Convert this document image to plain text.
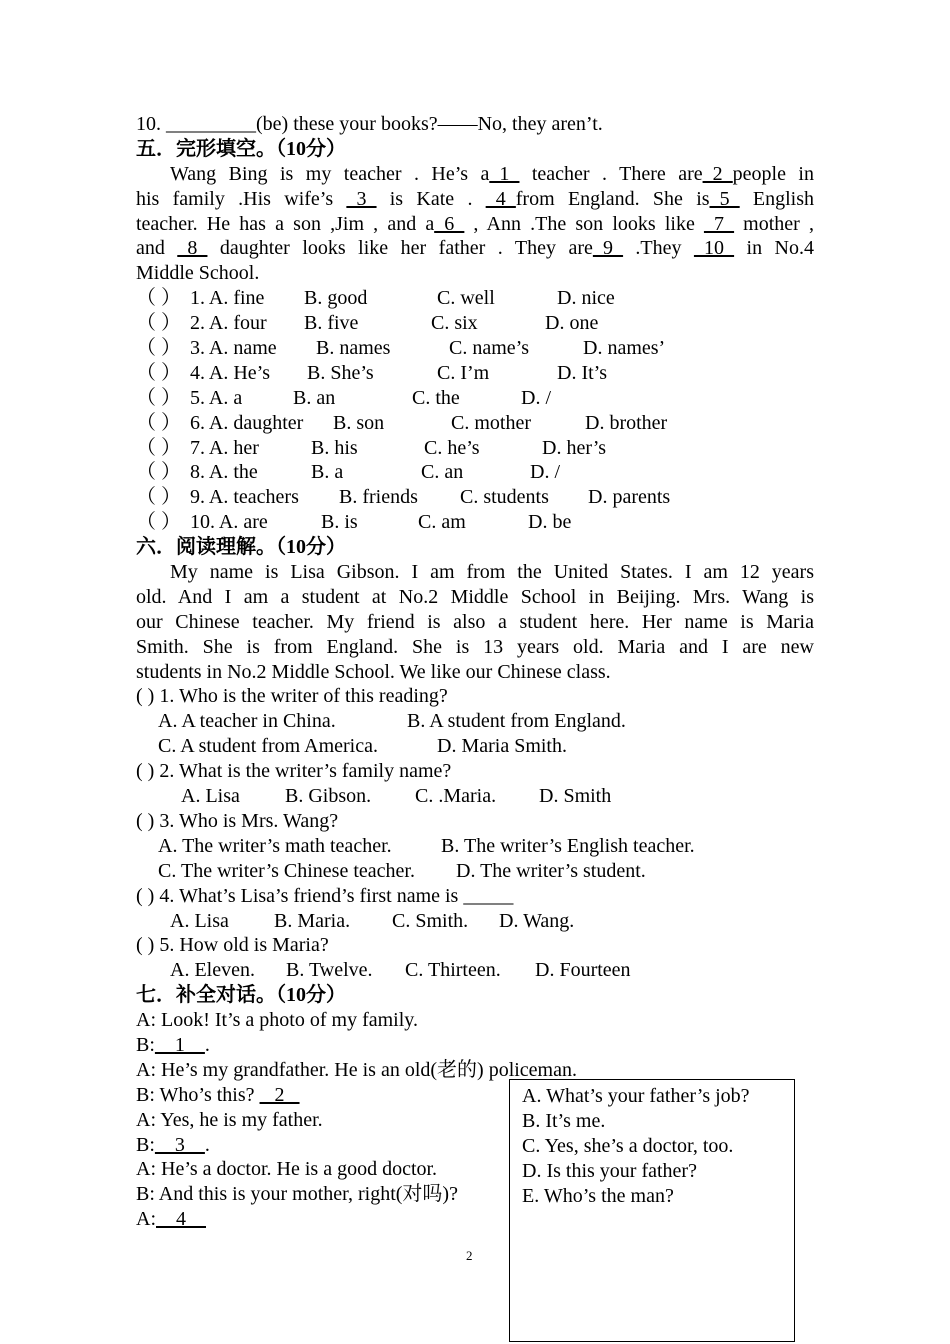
10. _________(be) these your books?——No, they aren’t.
五．完形填空。（10分）
Wang Bing is my teacher . He’s a_1_ teacher . There are_2_people in
his family .His wife’s _3_ is Kate . _4_from England. She is_5_ English
teacher. He has a son ,Jim , and a_6_ , Ann .The son looks like _7_ mother ,
and _8_ daughter looks like her father . They are_9_ .They _10_ in No.4
Middle School.
（ ） 1. A. fine B. good	C. well	D. nice
（ ） 2. A. four B. five	C. six	D. one
（ ） 3. A. name B. names	C. name’s	D. names’
（ ） 4. A. He’s B. She’s	C. I’m	D. It’s
（ ） 5. A. a	B. an	C. the	D. /
（ ） 6. A. daughter B. son	C. mother	D. brother
（ ） 7. A. her	B. his	C. he’s	D. her’s
（ ） 8. A. the	B. a	C. an	D. /
（ ） 9. A. teachers B. friends C. students D. parents
（ ） 10. A. are	B. is	C. am	D. be
六．阅读理解。（10分）
My name is Lisa Gibson. I am from the United States. I am 12 years
old. And I am a student at No.2 Middle School in Beijing. Mrs. Wang is
our Chinese teacher. My friend is also a student here. Her name is Maria
Smith. She is from England. She is 13 years old. Maria and I are new
students in No.2 Middle School. We like our Chinese class.
( ) 1. Who is the writer of this reading?
A. A teacher in China.	B. A student from England.
C. A student from America.	D. Maria Smith.
( ) 2. What is the writer’s family name?
A. Lisa B. Gibson. C. .Maria. D. Smith
( ) 3. Who is Mrs. Wang?
A. The writer’s math teacher. B. The writer’s English teacher.
C. The writer’s Chinese teacher. D. The writer’s student.
( ) 4. What’s Lisa’s friend’s first name is _____
A. Lisa B. Maria. C. Smith. D. Wang.
( ) 5. How old is Maria?
A. Eleven. B. Twelve. C. Thirteen. D. Fourteen
七．补全对话。（10分）
A: Look! It’s a photo of my family.
B:    1    .
A: He’s my grandfather. He is an old(老的) policeman.
B: Who’s this?    2
A: Yes, he is my father.
B:    3    .
A: He’s a doctor. He is a good doctor.
B: And this is your mother, right(对吗)?
A:    4
A. What’s your father’s job?
B. It’s me.
C. Yes, she’s a doctor, too.
D. Is this your father?
E. Who’s the man?
2
